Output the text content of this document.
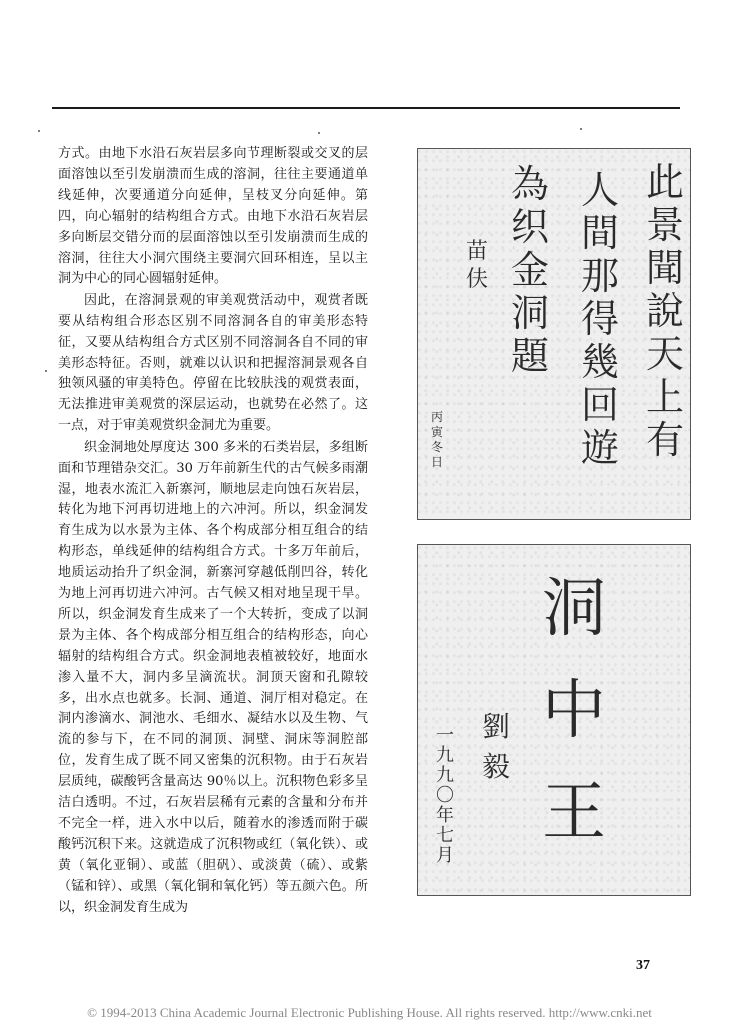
方式。由地下水沿石灰岩层多向节理断裂或交叉的层面溶蚀以至引发崩溃而生成的溶洞，往往主要通道单线延伸，次要通道分向延伸，呈枝叉分向延伸。第四，向心辐射的结构组合方式。由地下水沿石灰岩层多向断层交错分而的层面溶蚀以至引发崩溃而生成的溶洞，往往大小洞穴围绕主要洞穴回环相连，呈以主洞为中心的同心圆辐射延伸。

因此，在溶洞景观的审美观赏活动中，观赏者既要从结构组合形态区别不同溶洞各自的审美形态特征，又要从结构组合方式区别不同溶洞各自不同的审美形态特征。否则，就难以认识和把握溶洞景观各自独领风骚的审美特色。停留在比较肤浅的观赏表面，无法推进审美观赏的深层运动，也就势在必然了。这一点，对于审美观赏织金洞尤为重要。

织金洞地处厚度达 300 多米的石类岩层，多组断面和节理错杂交汇。30 万年前新生代的古气候多雨潮湿，地表水流汇入新寨河，顺地层走向蚀石灰岩层，转化为地下河再切进地上的六冲河。所以，织金洞发育生成为以水景为主体、各个构成部分相互组合的结构形态，单线延伸的结构组合方式。十多万年前后，地质运动抬升了织金洞，新寨河穿越低削凹谷，转化为地上河再切进六冲河。古气候又相对地呈现干旱。所以，织金洞发育生成来了一个大转折，变成了以洞景为主体、各个构成部分相互组合的结构形态，向心辐射的结构组合方式。织金洞地表植被较好，地面水渗入量不大，洞内多呈滴流状。洞顶天窗和孔隙较多，出水点也就多。长洞、通道、洞厅相对稳定。在洞内渗滴水、洞池水、毛细水、凝结水以及生物、气流的参与下，在不同的洞顶、洞壁、洞床等洞腔部位，发育生成了既不同又密集的沉积物。由于石灰岩层质纯，碳酸钙含量高达 90％以上。沉积物色彩多呈洁白透明。不过，石灰岩层稀有元素的含量和分布并不完全一样，进入水中以后，随着水的渗透而附于碳酸钙沉积下来。这就造成了沉积物或红（氧化铁）、或黄（氧化亚铜）、或蓝（胆矾）、或淡黄（硫）、或紫（锰和锌）、或黑（氧化铜和氧化钙）等五颜六色。所以，织金洞发育生成为

此
景
聞
說
天
上
有
人
間
那
得
幾
回
遊
為
织
金
洞
題
苗
伕
丙
寅
冬
日
洞
中
王
劉
毅
一
九
九
〇
年
七
月
37
© 1994-2013 China Academic Journal Electronic Publishing House. All rights reserved. http://www.cnki.net
